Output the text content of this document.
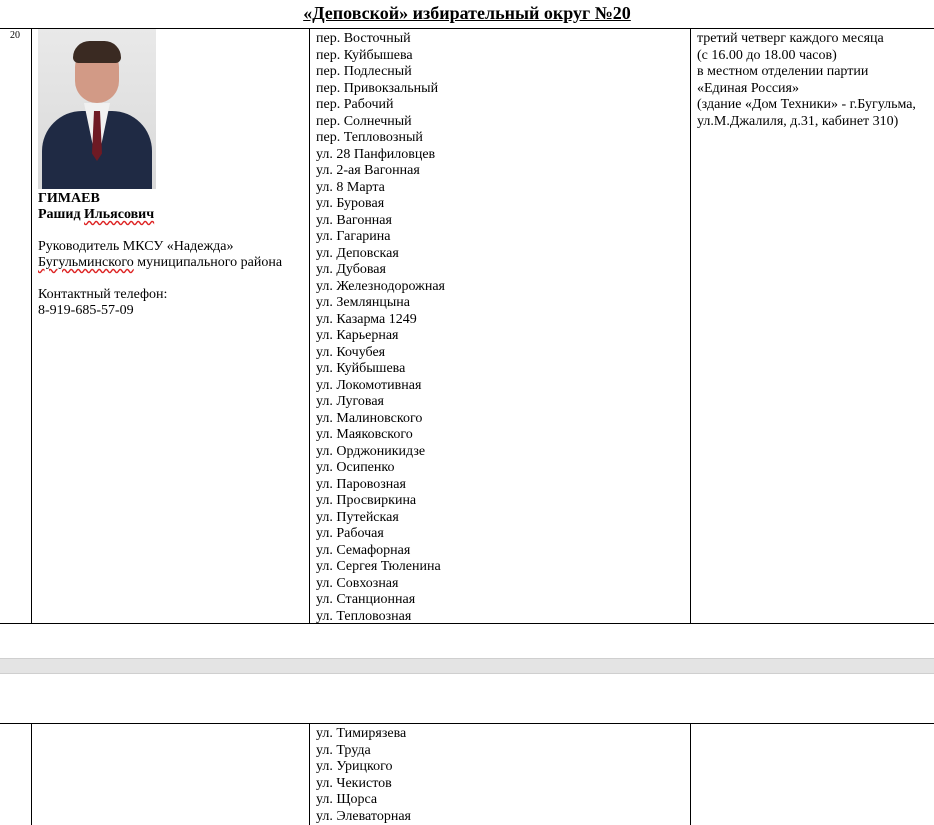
«Деповской» избирательный округ №20
20
ГИМАЕВ
Рашид Ильясович
Руководитель МКСУ «Надежда»
Бугульминского муниципального района
Контактный телефон:
8-919-685-57-09
пер. Восточный
пер. Куйбышева
пер. Подлесный
пер. Привокзальный
пер. Рабочий
пер. Солнечный
пер. Тепловозный
ул. 28 Панфиловцев
ул. 2-ая Вагонная
ул. 8 Марта
ул. Буровая
ул. Вагонная
ул. Гагарина
ул. Деповская
ул. Дубовая
ул. Железнодорожная
ул. Землянцына
ул. Казарма 1249
ул. Карьерная
ул. Кочубея
ул. Куйбышева
ул. Локомотивная
ул. Луговая
ул. Малиновского
ул. Маяковского
ул. Орджоникидзе
ул. Осипенко
ул. Паровозная
ул. Просвиркина
ул. Путейская
ул. Рабочая
ул. Семафорная
ул. Сергея Тюленина
ул. Совхозная
ул. Станционная
ул. Тепловозная
третий четверг каждого месяца
(с 16.00 до 18.00 часов)
в местном отделении партии
«Единая Россия»
(здание «Дом Техники» - г.Бугульма,
ул.М.Джалиля, д.31, кабинет 310)
ул. Тимирязева
ул. Труда
ул. Урицкого
ул. Чекистов
ул. Щорса
ул. Элеваторная
